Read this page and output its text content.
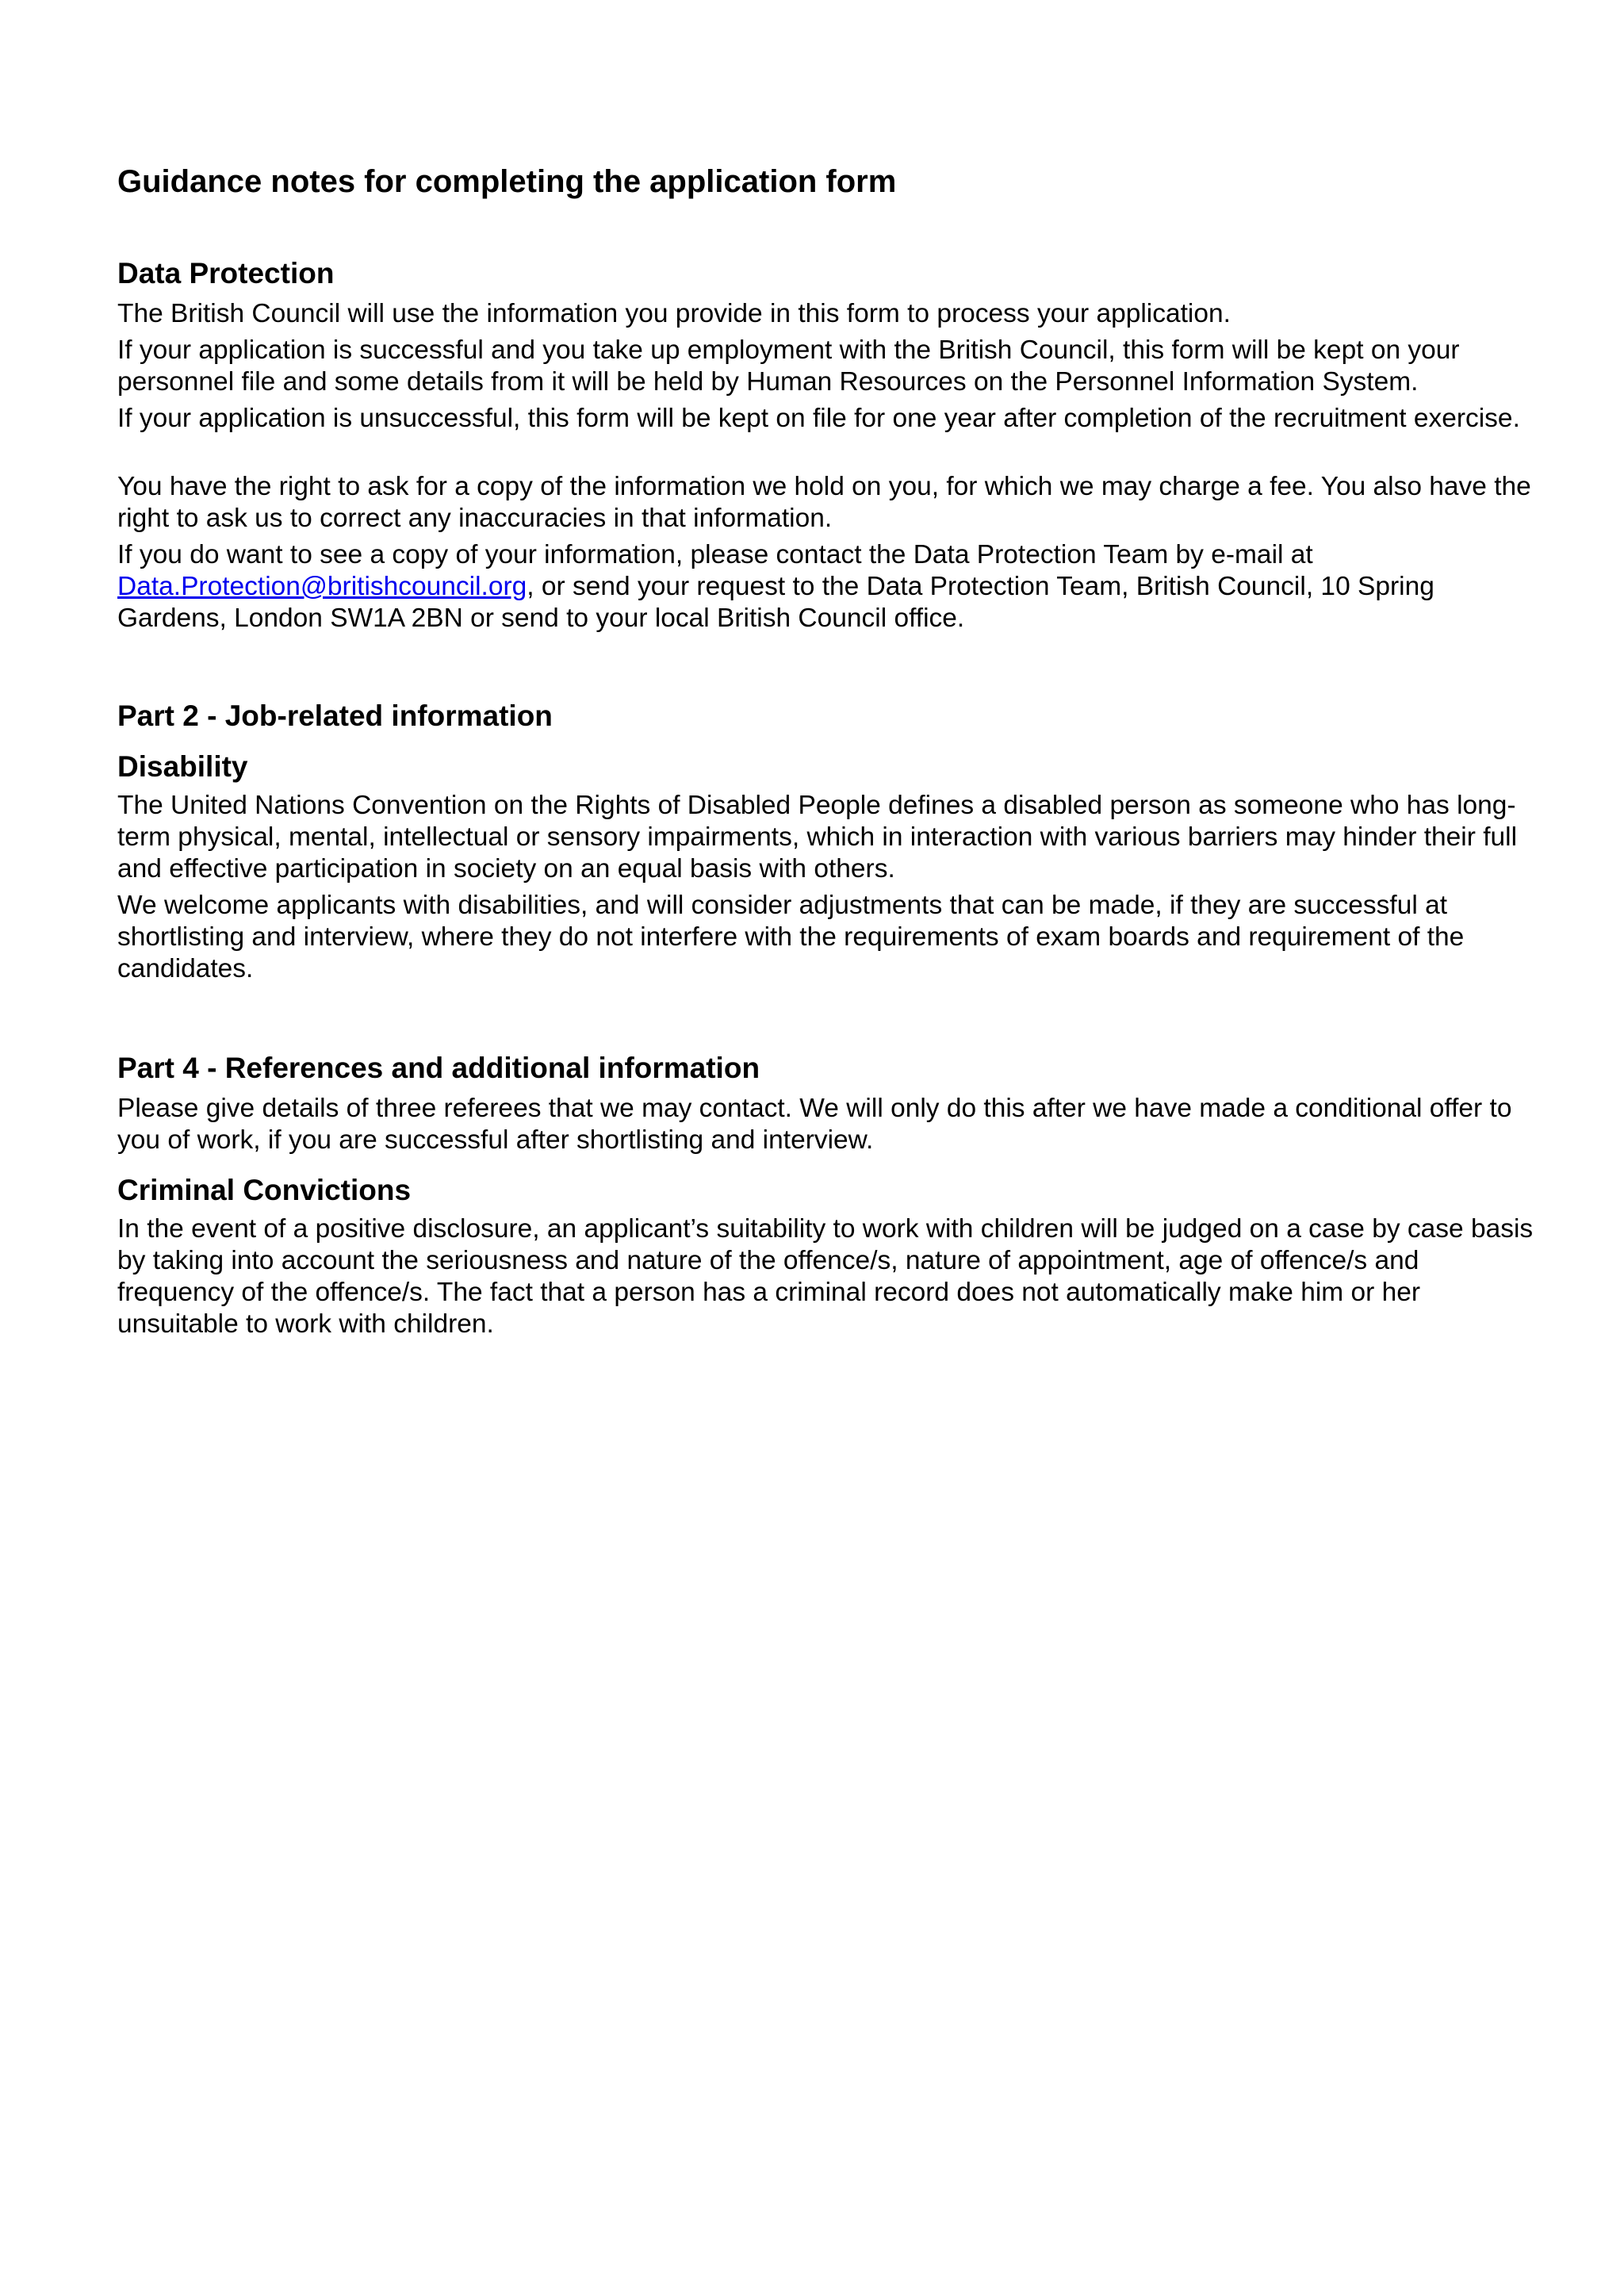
Guidance notes for completing the application form
Data Protection

The British Council will use the information you provide in this form to process your application.

If your application is successful and you take up employment with the British Council, this form will be kept on your personnel file and some details from it will be held by Human Resources on the Personnel Information System.

If your application is unsuccessful, this form will be kept on file for one year after completion of the recruitment exercise.

You have the right to ask for a copy of the information we hold on you, for which we may charge a fee. You also have the right to ask us to correct any inaccuracies in that information.

If you do want to see a copy of your information, please contact the Data Protection Team by e-mail at Data.Protection@britishcouncil.org, or send your request to the Data Protection Team, British Council, 10 Spring Gardens, London SW1A 2BN or send to your local British Council office.

Part 2 - Job-related information
Disability

The United Nations Convention on the Rights of Disabled People defines a disabled person as someone who has long-term physical, mental, intellectual or sensory impairments, which in interaction with various barriers may hinder their full and effective participation in society on an equal basis with others.

We welcome applicants with disabilities, and will consider adjustments that can be made, if they are successful at shortlisting and interview, where they do not interfere with the requirements of exam boards and requirement of the candidates.

Part 4 - References and additional information

Please give details of three referees that we may contact. We will only do this after we have made a conditional offer to you of work, if you are successful after shortlisting and interview.

Criminal Convictions

In the event of a positive disclosure, an applicant’s suitability to work with children will be judged on a case by case basis by taking into account the seriousness and nature of the offence/s, nature of appointment, age of offence/s and frequency of the offence/s. The fact that a person has a criminal record does not automatically make him or her unsuitable to work with children.
